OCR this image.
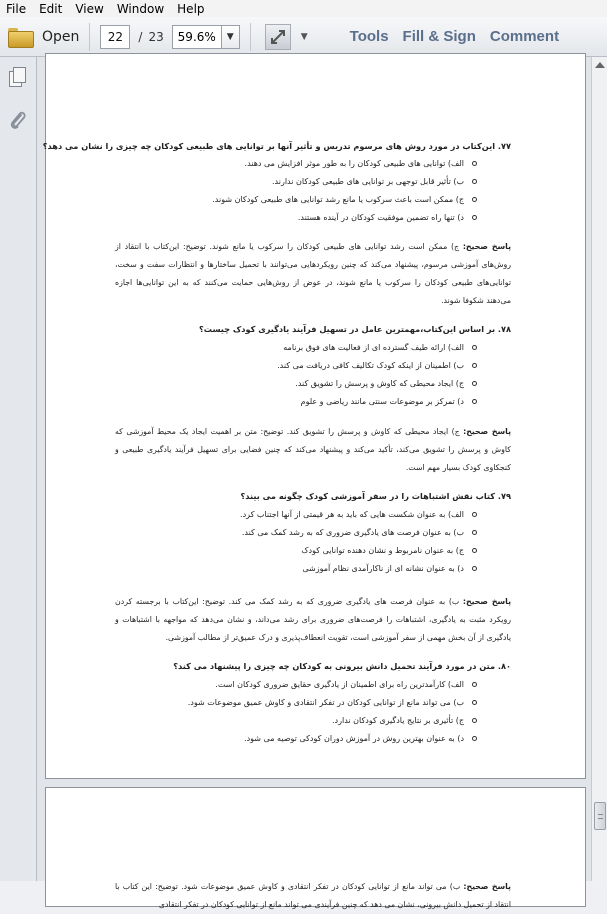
File	Edit	View	Window	Help
Open	22	/ 23	59.6%	▼	▼	Tools Fill & Sign Comment
۷۷. این‌کتاب در مورد روش های مرسوم تدریس و تأثیر آنها بر توانایی های طبیعی کودکان چه چیزی را نشان می دهد؟
الف) توانایی های طبیعی کودکان را به طور موثر افزایش می دهند.
ب) تأثیر قابل توجهی بر توانایی های طبیعی کودکان ندارند.
ج) ممکن است باعث سرکوب یا مانع رشد توانایی های طبیعی کودکان شوند.
د) تنها راه تضمین موفقیت کودکان در آینده هستند.
پاسخ صحیح: ج) ممکن است رشد توانایی های طبیعی کودکان را سرکوب یا مانع شوند. توضیح: این‌کتاب با انتقاد از روش‌های آموزشی مرسوم، پیشنهاد می‌کند که چنین رویکردهایی می‌توانند با تحمیل ساختارها و انتظارات سفت و سخت، توانایی‌های طبیعی کودکان را سرکوب یا مانع شوند، در عوض از روش‌هایی حمایت می‌کنند که به این توانایی‌ها اجازه می‌دهند شکوفا شوند.
۷۸. بر اساس این‌کتاب،مهمترین عامل در تسهیل فرآیند یادگیری کودک چیست؟
الف) ارائه طیف گسترده ای از فعالیت های فوق برنامه
ب) اطمینان از اینکه کودک تکالیف کافی دریافت می کند.
ج) ایجاد محیطی که کاوش و پرسش را تشویق کند.
د) تمرکز بر موضوعات سنتی مانند ریاضی و علوم
پاسخ صحیح: ج) ایجاد محیطی که کاوش و پرسش را تشویق کند. توضیح: متن بر اهمیت ایجاد یک محیط آموزشی که کاوش و پرسش را تشویق می‌کند، تأکید می‌کند و پیشنهاد می‌کند که چنین فضایی برای تسهیل فرآیند یادگیری طبیعی و کنجکاوی کودک بسیار مهم است.
۷۹. کتاب نقش اشتباهات را در سفر آموزشی کودک چگونه می بیند؟
الف) به عنوان شکست هایی که باید به هر قیمتی از آنها اجتناب کرد.
ب) به عنوان فرصت های یادگیری ضروری که به رشد کمک می کند.
ج) به عنوان نامربوط و نشان دهنده توانایی کودک
د) به عنوان نشانه ای از ناکارآمدی نظام آموزشی
پاسخ صحیح: ب) به عنوان فرصت های یادگیری ضروری که به رشد کمک می کند. توضیح: این‌کتاب با برجسته کردن رویکرد مثبت به یادگیری، اشتباهات را فرصت‌های ضروری برای رشد می‌داند، و نشان می‌دهد که مواجهه با اشتباهات و یادگیری از آن بخش مهمی از سفر آموزشی است، تقویت انعطاف‌پذیری و درک عمیق‌تر از مطالب آموزشی.
۸۰. متن در مورد فرآیند تحمیل دانش بیرونی به کودکان چه چیزی را پیشنهاد می کند؟
الف) کارآمدترین راه برای اطمینان از یادگیری حقایق ضروری کودکان است.
ب) می تواند مانع از توانایی کودکان در تفکر انتقادی و کاوش عمیق موضوعات شود.
ج) تأثیری بر نتایج یادگیری کودکان ندارد.
د) به عنوان بهترین روش در آموزش دوران کودکی توصیه می شود.
پاسخ صحیح: ب) می تواند مانع از توانایی کودکان در تفکر انتقادی و کاوش عمیق موضوعات شود. توضیح: این کتاب با انتقاد از تحمیل دانش بیرونی، نشان می دهد که چنین فرآیندی می تواند مانع از توانایی کودکان در تفکر انتقادی
